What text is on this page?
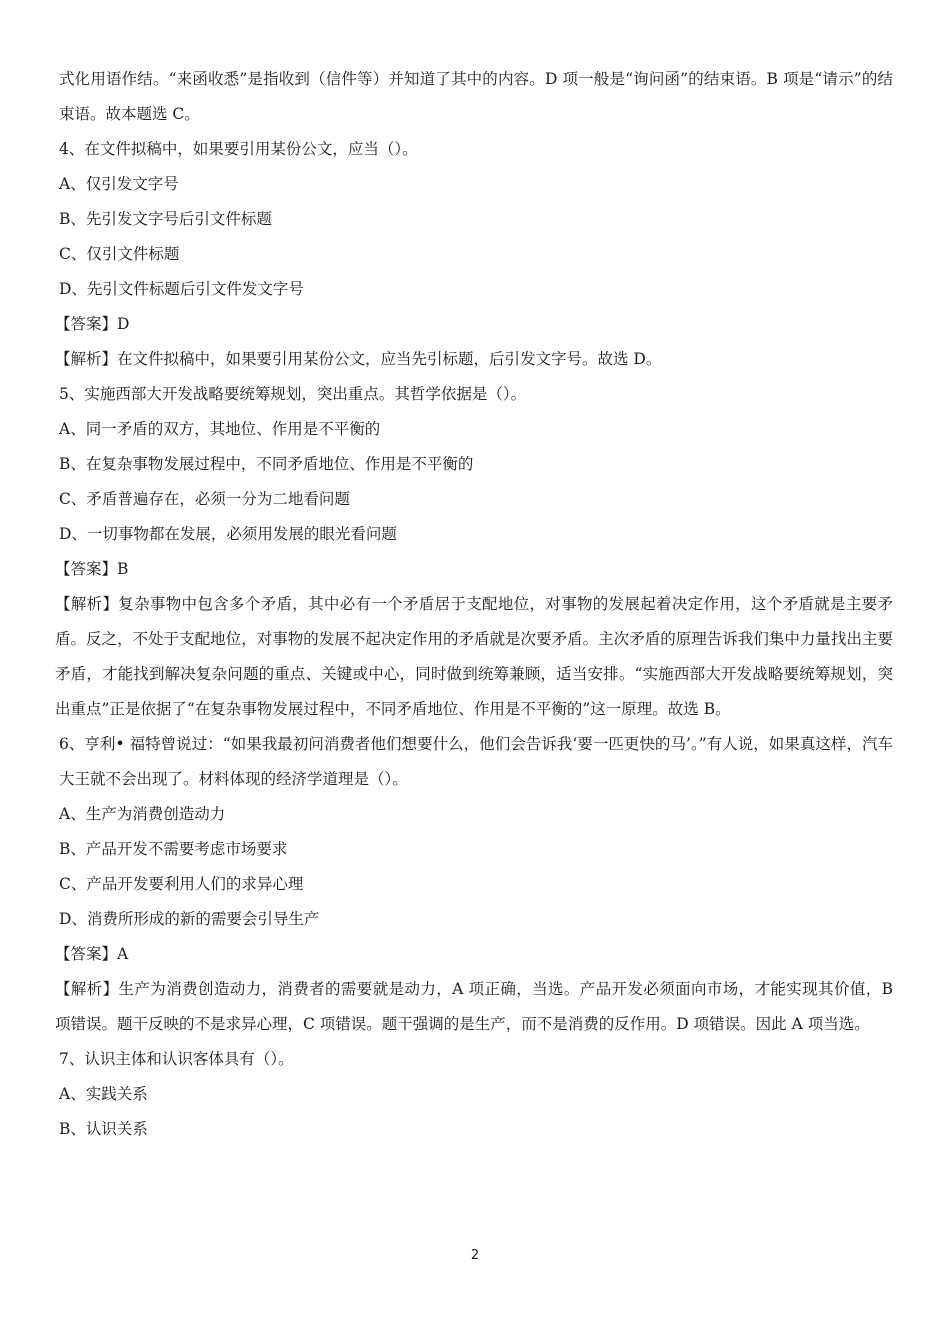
式化用语作结。“来函收悉”是指收到（信件等）并知道了其中的内容。D 项一般是“询问函”的结束语。B 项是“请示”的结束语。故本题选 C。

4、在文件拟稿中，如果要引用某份公文，应当（）。

A、仅引发文字号

B、先引发文字号后引文件标题

C、仅引文件标题

D、先引文件标题后引文件发文字号

【答案】D

【解析】在文件拟稿中，如果要引用某份公文，应当先引标题，后引发文字号。故选 D。

5、实施西部大开发战略要统筹规划，突出重点。其哲学依据是（）。

A、同一矛盾的双方，其地位、作用是不平衡的

B、在复杂事物发展过程中，不同矛盾地位、作用是不平衡的

C、矛盾普遍存在，必须一分为二地看问题

D、一切事物都在发展，必须用发展的眼光看问题

【答案】B

【解析】复杂事物中包含多个矛盾，其中必有一个矛盾居于支配地位，对事物的发展起着决定作用，这个矛盾就是主要矛盾。反之，不处于支配地位，对事物的发展不起决定作用的矛盾就是次要矛盾。主次矛盾的原理告诉我们集中力量找出主要矛盾，才能找到解决复杂问题的重点、关键或中心，同时做到统筹兼顾，适当安排。“实施西部大开发战略要统筹规划，突出重点”正是依据了“在复杂事物发展过程中，不同矛盾地位、作用是不平衡的”这一原理。故选 B。

6、亨利• 福特曾说过：“如果我最初问消费者他们想要什么，他们会告诉我‘要一匹更快的马’。”有人说，如果真这样，汽车大王就不会出现了。材料体现的经济学道理是（）。

A、生产为消费创造动力

B、产品开发不需要考虑市场要求

C、产品开发要利用人们的求异心理

D、消费所形成的新的需要会引导生产

【答案】A

【解析】生产为消费创造动力，消费者的需要就是动力，A 项正确，当选。产品开发必须面向市场，才能实现其价值，B 项错误。题干反映的不是求异心理，C 项错误。题干强调的是生产，而不是消费的反作用。D 项错误。因此 A 项当选。

7、认识主体和认识客体具有（）。

A、实践关系

B、认识关系

2
